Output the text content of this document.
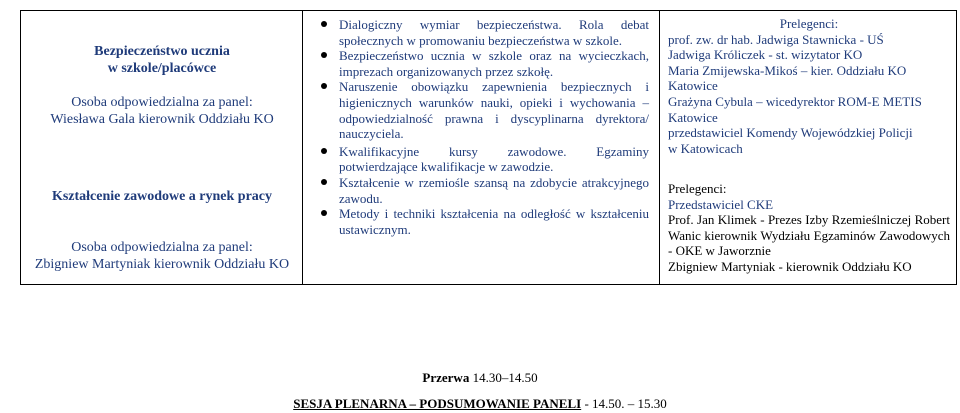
Bezpieczeństwo ucznia
w szkole/placówce
Osoba odpowiedzialna za panel:
Wiesława Gala kierownik Oddziału KO
Kształcenie zawodowe a rynek pracy
Osoba odpowiedzialna za panel:
Zbigniew Martyniak kierownik Oddziału KO
Dialogiczny wymiar bezpieczeństwa. Rola debat społecznych w promowaniu bezpieczeństwa w szkole.
Bezpieczeństwo ucznia w szkole oraz na wycieczkach, imprezach organizowanych przez szkołę.
Naruszenie obowiązku zapewnienia bezpiecznych i higienicznych warunków nauki, opieki i wychowania – odpowiedzialność prawna i dyscyplinarna dyrektora/ nauczyciela.
Kwalifikacyjne kursy zawodowe. Egzaminy potwierdzające kwalifikacje w zawodzie.
Kształcenie w rzemiośle szansą na zdobycie atrakcyjnego zawodu.
Metody i techniki kształcenia na odległość w kształceniu ustawicznym.
Prelegenci:
prof. zw. dr hab. Jadwiga Stawnicka - UŚ
Jadwiga Króliczek - st. wizytator KO
Maria Zmijewska-Mikoś – kier. Oddziału KO
Katowice
Grażyna Cybula – wicedyrektor ROM-E METIS
Katowice
przedstawiciel Komendy Wojewódzkiej Policji
w Katowicach
Prelegenci:
Przedstawiciel CKE
Prof. Jan Klimek - Prezes Izby Rzemieślniczej Robert Wanic kierownik Wydziału Egzaminów Zawodowych - OKE w Jaworznie
Zbigniew Martyniak - kierownik Oddziału KO
Przerwa 14.30–14.50
SESJA PLENARNA – PODSUMOWANIE PANELI - 14.50. – 15.30
